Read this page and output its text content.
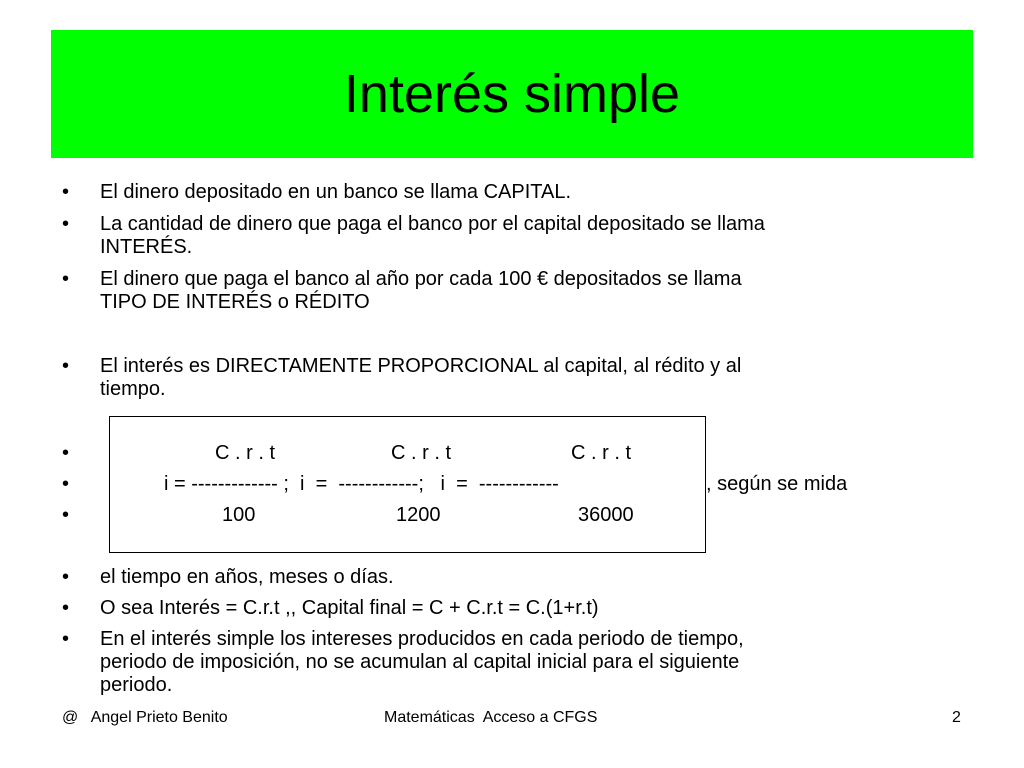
Interés simple
• El dinero depositado en un banco se llama CAPITAL.
• La cantidad de dinero que paga el banco por el capital depositado se llama
INTERÉS.
• El dinero que paga el banco al año por cada 100 € depositados se llama
TIPO DE INTERÉS o RÉDITO
• El interés es DIRECTAMENTE PROPORCIONAL al capital, al rédito y al
tiempo.
•	C . r . t	C . r . t	C . r . t
•	i = ------------- ;  i  =  ------------;   i  =  ------------	, según se mida
•	100	1200	36000
• el tiempo en años, meses o días.
• O sea Interés = C.r.t ,, Capital final = C + C.r.t = C.(1+r.t)
• En el interés simple los intereses producidos en cada periodo de tiempo,
periodo de imposición, no se acumulan al capital inicial para el siguiente
periodo.
@   Angel Prieto Benito	Matemáticas  Acceso a CFGS	2
